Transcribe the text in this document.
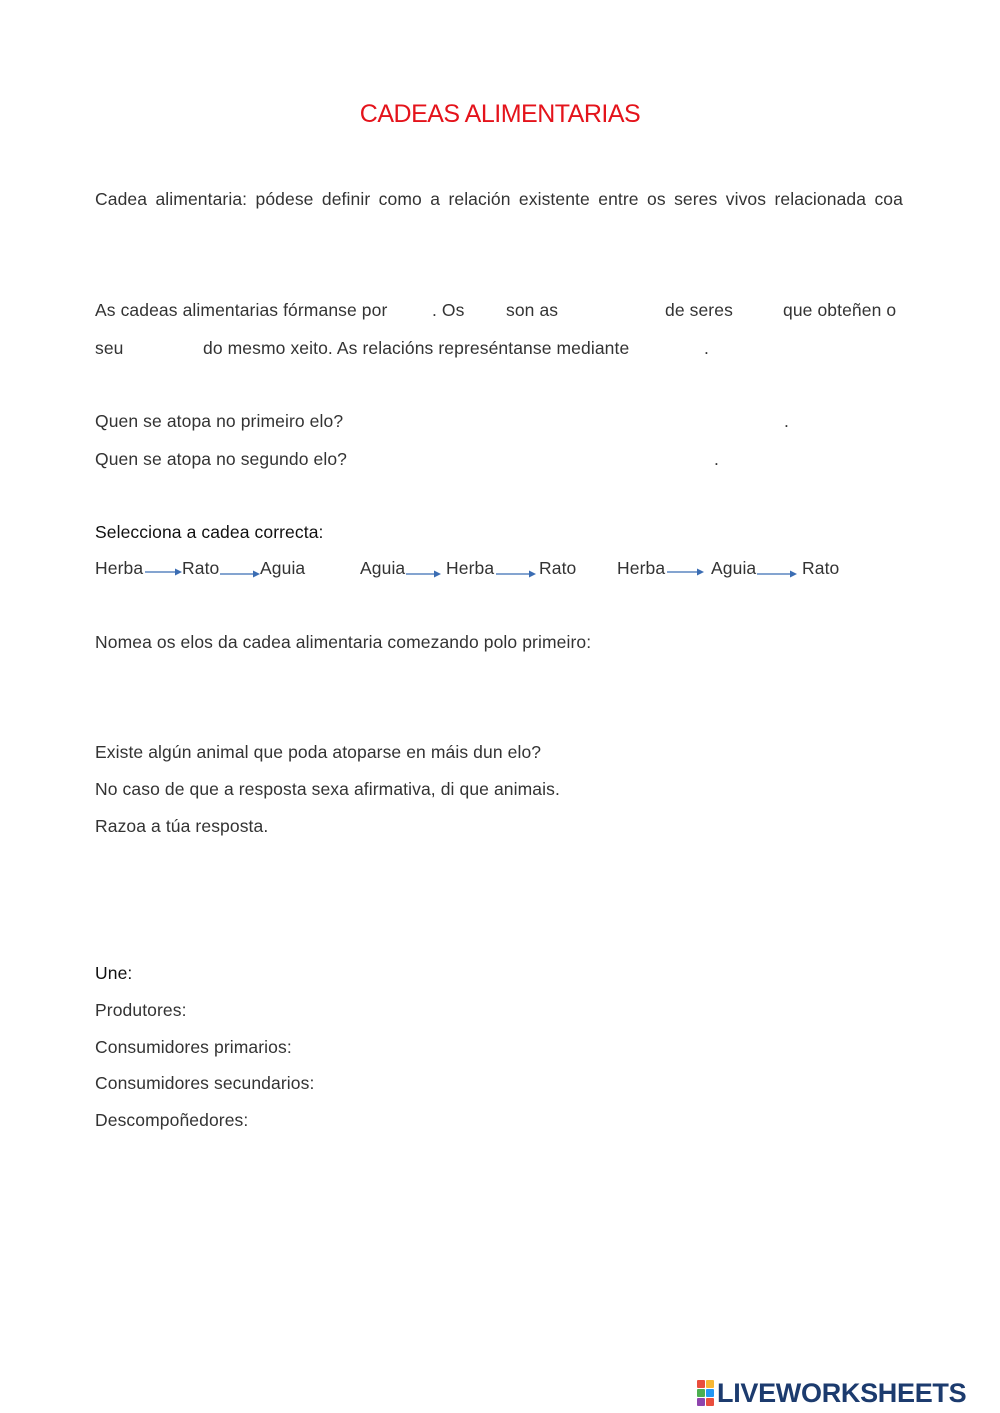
CADEAS ALIMENTARIAS
Cadea alimentaria: pódese definir como a relación existente entre os seres vivos relacionada coa
As cadeas alimentarias fórmanse por	. Os son as	de seres	que obteñen o
seu	do mesmo xeito. As relacións represéntanse mediante	.
Quen se atopa no primeiro elo?	.
Quen se atopa no segundo elo?	.
Selecciona a cadea correcta:
Herba Rato Aguia	Aguia Herba	Rato Herba	Aguia	Rato
Nomea os elos da cadea alimentaria comezando polo primeiro:
Existe algún animal que poda atoparse en máis dun elo?
No caso de que a resposta sexa afirmativa, di que animais.
Razoa a túa resposta.
Une:
Produtores:
Consumidores primarios:
Consumidores secundarios:
Descompoñedores:
LIVEWORKSHEETS
